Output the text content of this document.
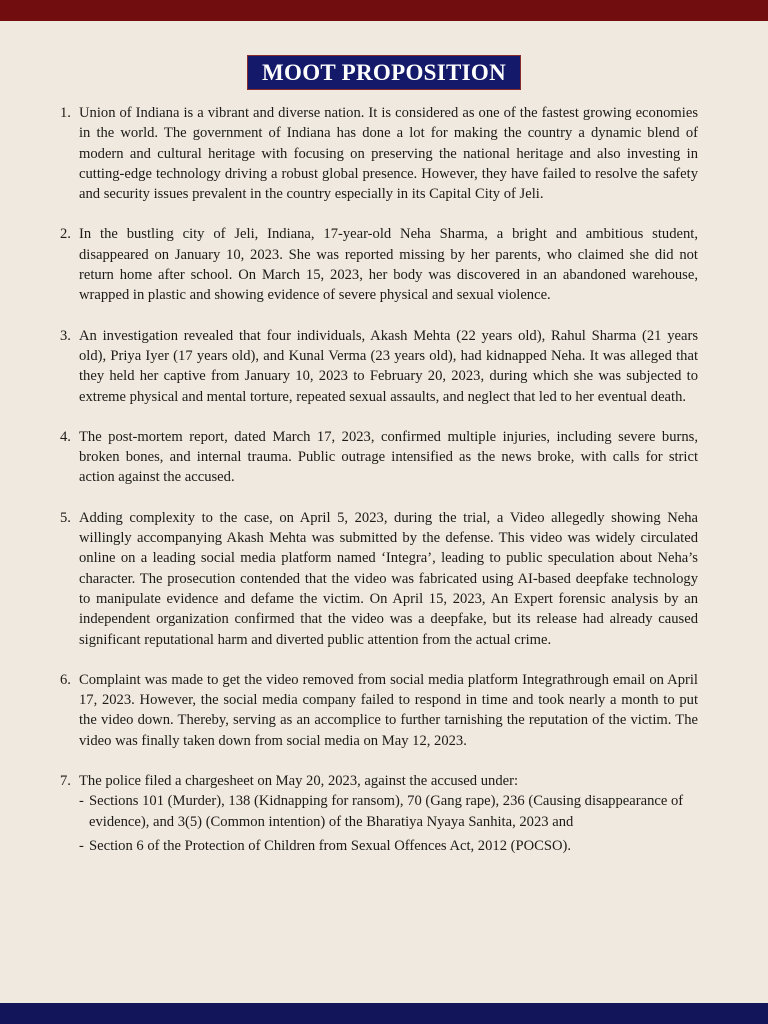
MOOT PROPOSITION
1. Union of Indiana is a vibrant and diverse nation. It is considered as one of the fastest growing economies in the world. The government of Indiana has done a lot for making the country a dynamic blend of modern and cultural heritage with focusing on preserving the national heritage and also investing in cutting-edge technology driving a robust global presence. However, they have failed to resolve the safety and security issues prevalent in the country especially in its Capital City of Jeli.
2. In the bustling city of Jeli, Indiana, 17-year-old Neha Sharma, a bright and ambitious student, disappeared on January 10, 2023. She was reported missing by her parents, who claimed she did not return home after school. On March 15, 2023, her body was discovered in an abandoned warehouse, wrapped in plastic and showing evidence of severe physical and sexual violence.
3. An investigation revealed that four individuals, Akash Mehta (22 years old), Rahul Sharma (21 years old), Priya Iyer (17 years old), and Kunal Verma (23 years old), had kidnapped Neha. It was alleged that they held her captive from January 10, 2023 to February 20, 2023, during which she was subjected to extreme physical and mental torture, repeated sexual assaults, and neglect that led to her eventual death.
4. The post-mortem report, dated March 17, 2023, confirmed multiple injuries, including severe burns, broken bones, and internal trauma. Public outrage intensified as the news broke, with calls for strict action against the accused.
5. Adding complexity to the case, on April 5, 2023, during the trial, a Video allegedly showing Neha willingly accompanying Akash Mehta was submitted by the defense. This video was widely circulated online on a leading social media platform named ‘Integra’, leading to public speculation about Neha’s character. The prosecution contended that the video was fabricated using AI-based deepfake technology to manipulate evidence and defame the victim. On April 15, 2023, An Expert forensic analysis by an independent organization confirmed that the video was a deepfake, but its release had already caused significant reputational harm and diverted public attention from the actual crime.
6. Complaint was made to get the video removed from social media platform Integrathrough email on April 17, 2023. However, the social media company failed to respond in time and took nearly a month to put the video down. Thereby, serving as an accomplice to further tarnishing the reputation of the victim. The video was finally taken down from social media on May 12, 2023.
7. The police filed a chargesheet on May 20, 2023, against the accused under:
- Sections 101 (Murder), 138 (Kidnapping for ransom), 70 (Gang rape), 236 (Causing disappearance of evidence), and 3(5) (Common intention) of the Bharatiya Nyaya Sanhita, 2023 and
- Section 6 of the Protection of Children from Sexual Offences Act, 2012 (POCSO).
